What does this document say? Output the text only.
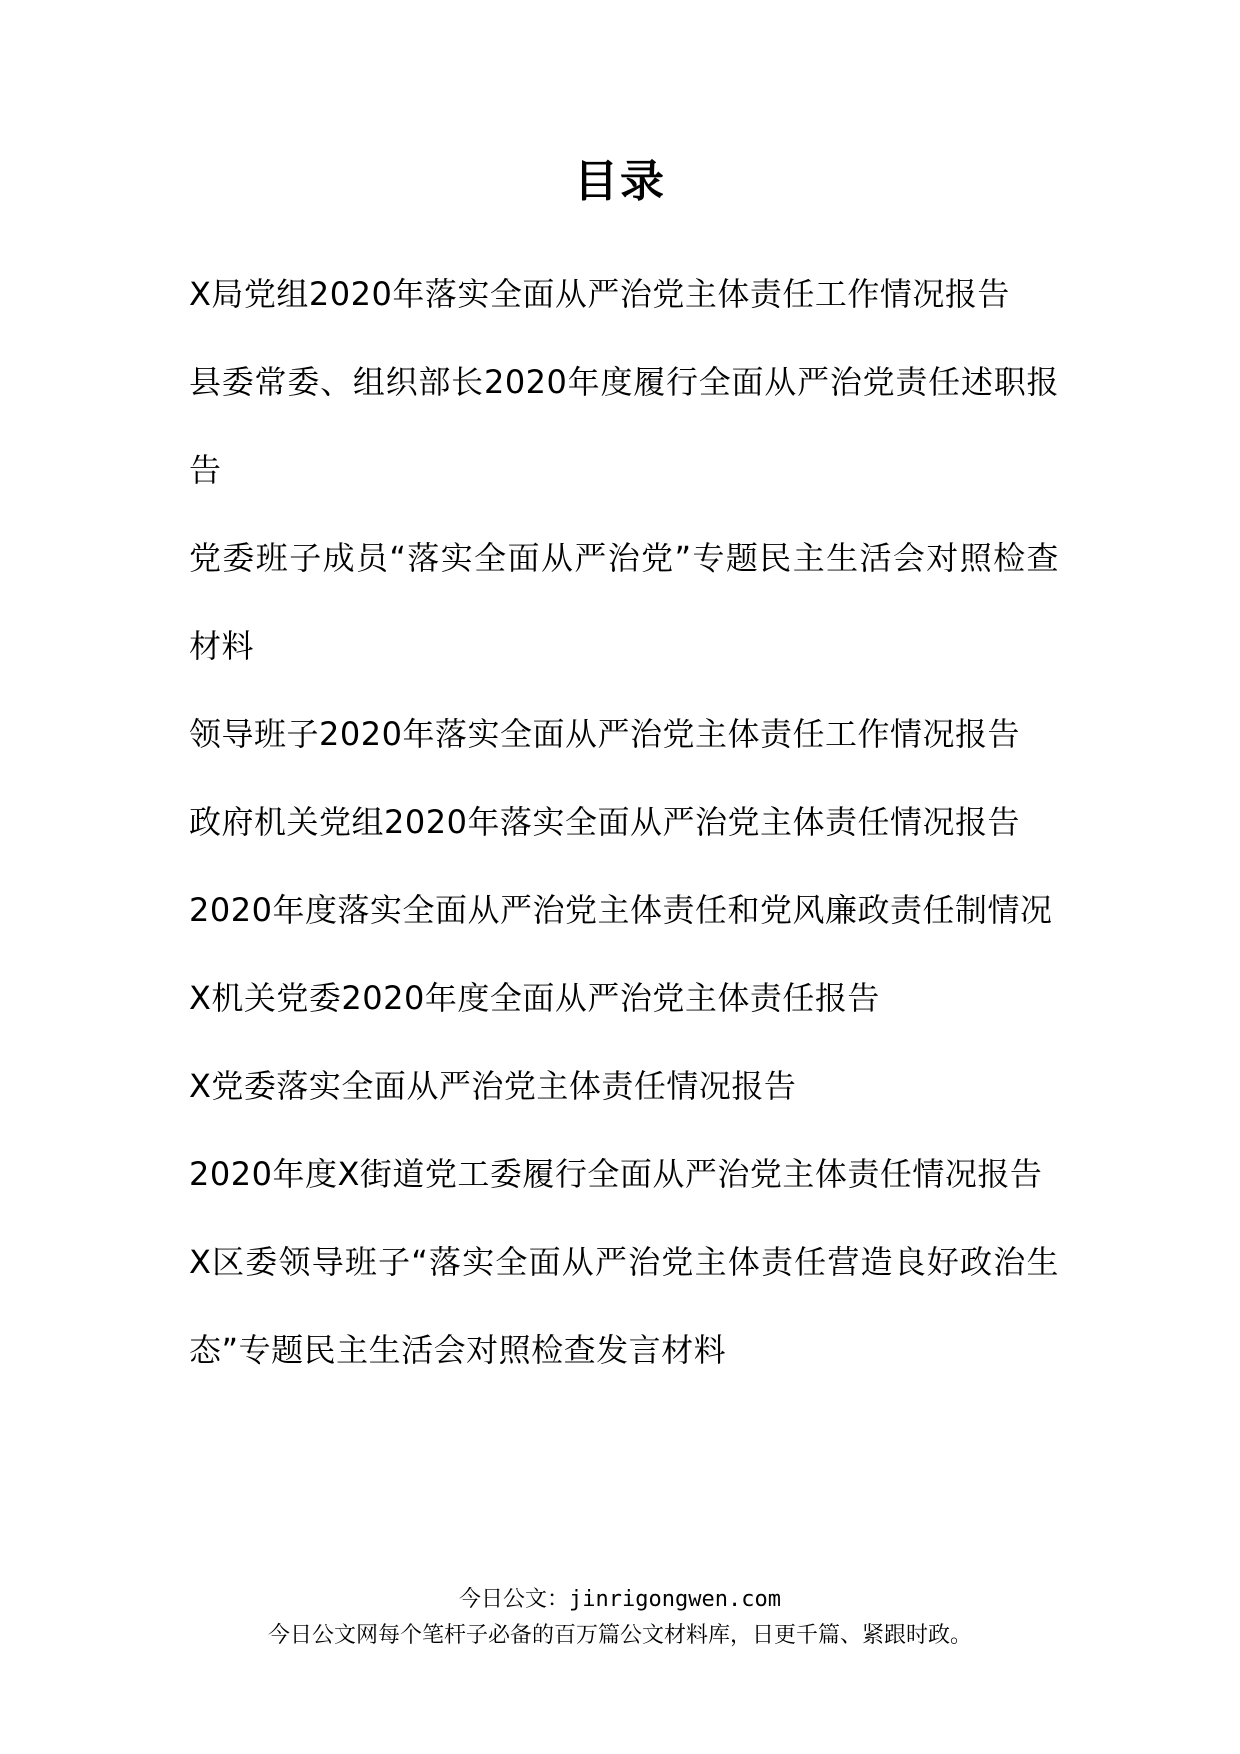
目录
X局党组2020年落实全面从严治党主体责任工作情况报告
县委常委、组织部长2020年度履行全面从严治党责任述职报告
党委班子成员“落实全面从严治党”专题民主生活会对照检查材料
领导班子2020年落实全面从严治党主体责任工作情况报告
政府机关党组2020年落实全面从严治党主体责任情况报告
2020年度落实全面从严治党主体责任和党风廉政责任制情况
X机关党委2020年度全面从严治党主体责任报告
X党委落实全面从严治党主体责任情况报告
2020年度X街道党工委履行全面从严治党主体责任情况报告
X区委领导班子“落实全面从严治党主体责任营造良好政治生态”专题民主生活会对照检查发言材料
今日公文：jinrigongwen.com
今日公文网每个笔杆子必备的百万篇公文材料库，日更千篇、紧跟时政。
